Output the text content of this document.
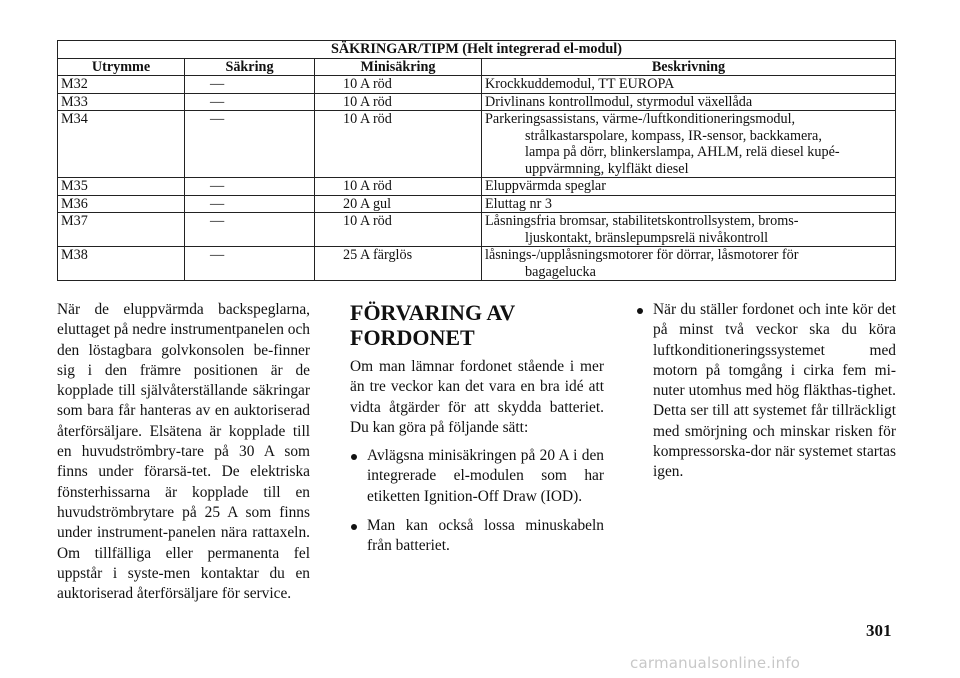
SÄKRINGAR/TIPM (Helt integrerad el-modul)			
Utrymme	Säkring	Minisäkring	Beskrivning
M32	—	10 A röd	Krockkuddemodul, TT EUROPA

M33	—	10 A röd	Drivlinans kontrollmodul, styrmodul växellåda

M34	—	10 A röd	Parkeringsassistans, värme-/luftkonditioneringsmodul,
strålkastarspolare, kompass, IR-sensor, backkamera,
lampa på dörr, blinkerslampa, AHLM, relä diesel kupé-
uppvärmning, kylfläkt diesel

M35	—	10 A röd	Eluppvärmda speglar

M36	—	20 A gul	Eluttag nr 3

M37	—	10 A röd	Låsningsfria bromsar, stabilitetskontrollsystem, broms-
ljuskontakt, bränslepumpsrelä nivåkontroll

M38	—	25 A färglös	låsnings-/upplåsningsmotorer för dörrar, låsmotorer för
bagagelucka

När de eluppvärmda backspeglarna, eluttaget på nedre instrumentpanelen och den löstagbara golvkonsolen be-finner sig i den främre positionen är de kopplade till självåterställande säkringar som bara får hanteras av en auktoriserad återförsäljare. Elsätena är kopplade till en huvudströmbry-tare på 30 A som finns under förarsä-tet. De elektriska fönsterhissarna är kopplade till en huvudströmbrytare på 25 A som finns under instrument-panelen nära rattaxeln. Om tillfälliga eller permanenta fel uppstår i syste-men kontaktar du en auktoriserad återförsäljare för service.

FÖRVARING AV FORDONET

Om man lämnar fordonet stående i mer än tre veckor kan det vara en bra idé att vidta åtgärder för att skydda batteriet. Du kan göra på följande sätt:

Avlägsna minisäkringen på 20 A i den integrerade el-modulen som har etiketten Ignition-Off Draw (IOD).
Man kan också lossa minuskabeln från batteriet.
När du ställer fordonet och inte kör det på minst två veckor ska du köra luftkonditioneringssystemet med motorn på tomgång i cirka fem mi-nuter utomhus med hög fläkthas-tighet. Detta ser till att systemet får tillräckligt med smörjning och minskar risken för kompressorska-dor när systemet startas igen.
301
carmanualsonline.info
